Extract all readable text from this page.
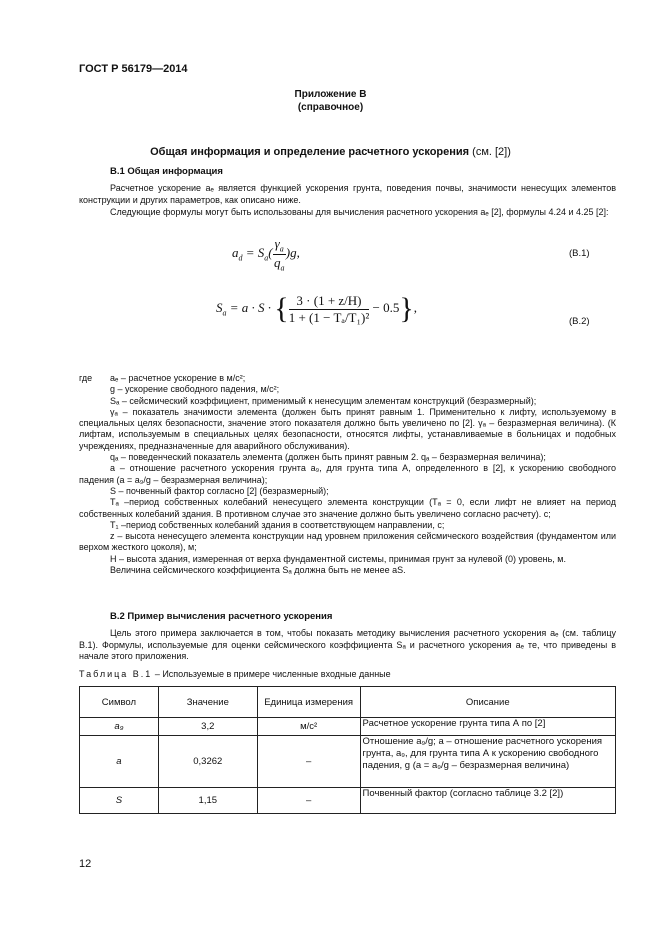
ГОСТ Р 56179—2014
Приложение В
(справочное)
Общая информация и определение расчетного ускорения (см. [2])
В.1 Общая информация

Расчетное ускорение aₑ является функцией ускорения грунта, поведения почвы, значимости ненесущих элементов конструкции и других параметров, как описано ниже.

Следующие формулы могут быть использованы для вычисления расчетного ускорения aₑ [2], формулы 4.24 и 4.25 [2]:

$a_d = S_a( \frac{\gamma_a}{q_a} )g$,	(В.1)
$S_a = a \cdot S$ · { $\frac{3 \cdot (1 + z/H)}{\text{1 + (1 − Tₐ/T₁)²}} - 0.5$},
(В.2)
где	aₑ – расчетное ускорение в м/с²;
g – ускорение свободного падения, м/с²;
Sₐ – сейсмический коэффициент, применимый к ненесущим элементам конструкций (безразмерный);
γₐ – показатель значимости элемента (должен быть принят равным 1. Применительно к лифту, используемому в специальных целях безопасности, значение этого показателя должно быть увеличено по [2]. γₐ – безразмерная величина). (К лифтам, используемым в специальных целях безопасности, относятся лифты, устанавливаемые в больницах и подобных учреждениях, предназначенные для аварийного обслуживания).
qₐ – поведенческий показатель элемента (должен быть принят равным 2. qₐ – безразмерная величина);
a – отношение расчетного ускорения грунта a₉, для грунта типа А, определенного в [2], к ускорению свободного падения (a = a₉/g – безразмерная величина);
S – почвенный фактор согласно [2] (безразмерный);
Tₐ –период собственных колебаний ненесущего элемента конструкции (Tₐ = 0, если лифт не влияет на период собственных колебаний здания. В противном случае это значение должно быть увеличено согласно расчету). с;
T₁ –период собственных колебаний здания в соответствующем направлении, с;
z – высота ненесущего элемента конструкции над уровнем приложения сейсмического воздействия (фундаментом или верхом жесткого цоколя), м;
H – высота здания, измеренная от верха фундаментной системы, принимая грунт за нулевой (0) уровень, м.
Величина сейсмического коэффициента Sₐ должна быть не менее aS.
В.2 Пример вычисления расчетного ускорения

Цель этого примера заключается в том, чтобы показать методику вычисления расчетного ускорения aₑ (см. таблицу В.1). Формулы, используемые для оценки сейсмического коэффициента Sₐ и расчетного ускорения aₑ те, что приведены в начале этого приложения.

Таблица В.1 – Используемые в примере численные входные данные
Символ	Значение	Единица измерения	Описание
a₉	3,2	м/с²	Расчетное ускорение грунта типа А по [2]
a	0,3262	–	Отношение a₉/g; a – отношение расчетного ускорения грунта, a₉, для грунта типа А к ускорению свободного падения, g (a = a₉/g – безразмерная величина)
S	1,15	–	Почвенный фактор (согласно таблице 3.2 [2])
12
